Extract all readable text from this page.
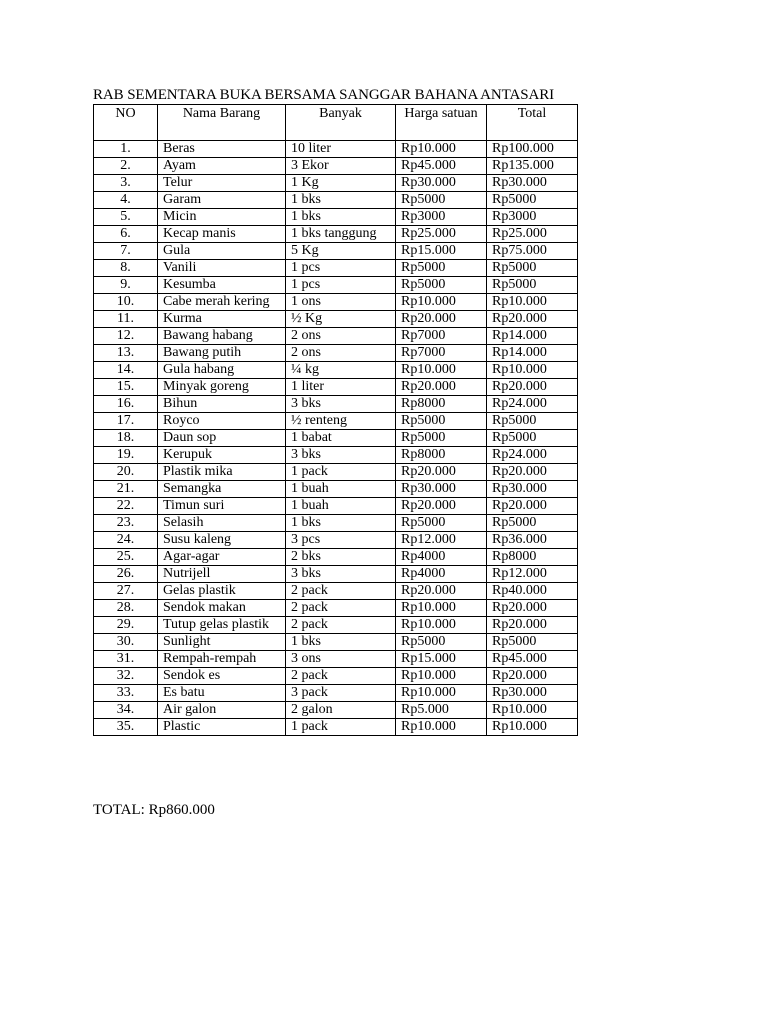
RAB SEMENTARA BUKA BERSAMA SANGGAR BAHANA ANTASARI
NO	Nama Barang	Banyak	Harga satuan	Total
1.	Beras	10 liter	Rp10.000	Rp100.000
2.	Ayam	3 Ekor	Rp45.000	Rp135.000
3.	Telur	1 Kg	Rp30.000	Rp30.000
4.	Garam	1 bks	Rp5000	Rp5000
5.	Micin	1 bks	Rp3000	Rp3000
6.	Kecap manis	1 bks tanggung	Rp25.000	Rp25.000
7.	Gula	5 Kg	Rp15.000	Rp75.000
8.	Vanili	1 pcs	Rp5000	Rp5000
9.	Kesumba	1 pcs	Rp5000	Rp5000
10.	Cabe merah kering	1 ons	Rp10.000	Rp10.000
11.	Kurma	½ Kg	Rp20.000	Rp20.000
12.	Bawang habang	2 ons	Rp7000	Rp14.000
13.	Bawang putih	2 ons	Rp7000	Rp14.000
14.	Gula habang	¼ kg	Rp10.000	Rp10.000
15.	Minyak goreng	1 liter	Rp20.000	Rp20.000
16.	Bihun	3 bks	Rp8000	Rp24.000
17.	Royco	½ renteng	Rp5000	Rp5000
18.	Daun sop	1 babat	Rp5000	Rp5000
19.	Kerupuk	3 bks	Rp8000	Rp24.000
20.	Plastik mika	1 pack	Rp20.000	Rp20.000
21.	Semangka	1 buah	Rp30.000	Rp30.000
22.	Timun suri	1 buah	Rp20.000	Rp20.000
23.	Selasih	1 bks	Rp5000	Rp5000
24.	Susu kaleng	3 pcs	Rp12.000	Rp36.000
25.	Agar-agar	2 bks	Rp4000	Rp8000
26.	Nutrijell	3 bks	Rp4000	Rp12.000
27.	Gelas plastik	2 pack	Rp20.000	Rp40.000
28.	Sendok makan	2 pack	Rp10.000	Rp20.000
29.	Tutup gelas plastik	2 pack	Rp10.000	Rp20.000
30.	Sunlight	1 bks	Rp5000	Rp5000
31.	Rempah-rempah	3 ons	Rp15.000	Rp45.000
32.	Sendok es	2 pack	Rp10.000	Rp20.000
33.	Es batu	3 pack	Rp10.000	Rp30.000
34.	Air galon	2 galon	Rp5.000	Rp10.000
35.	Plastic	1 pack	Rp10.000	Rp10.000
TOTAL: Rp860.000
